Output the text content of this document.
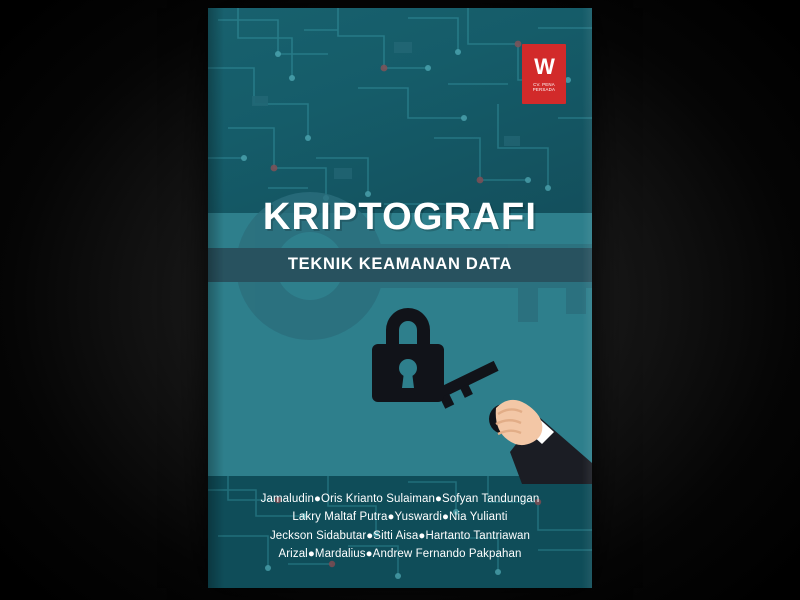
W
CV. PENA PERSADA
KRIPTOGRAFI
TEKNIK KEAMANAN DATA
Jamaludin●Oris Krianto Sulaiman●Sofyan Tandungan
Lakry Maltaf Putra●Yuswardi●Nia Yulianti
Jeckson Sidabutar●Sitti Aisa●Hartanto Tantriawan
Arizal●Mardalius●Andrew Fernando Pakpahan
